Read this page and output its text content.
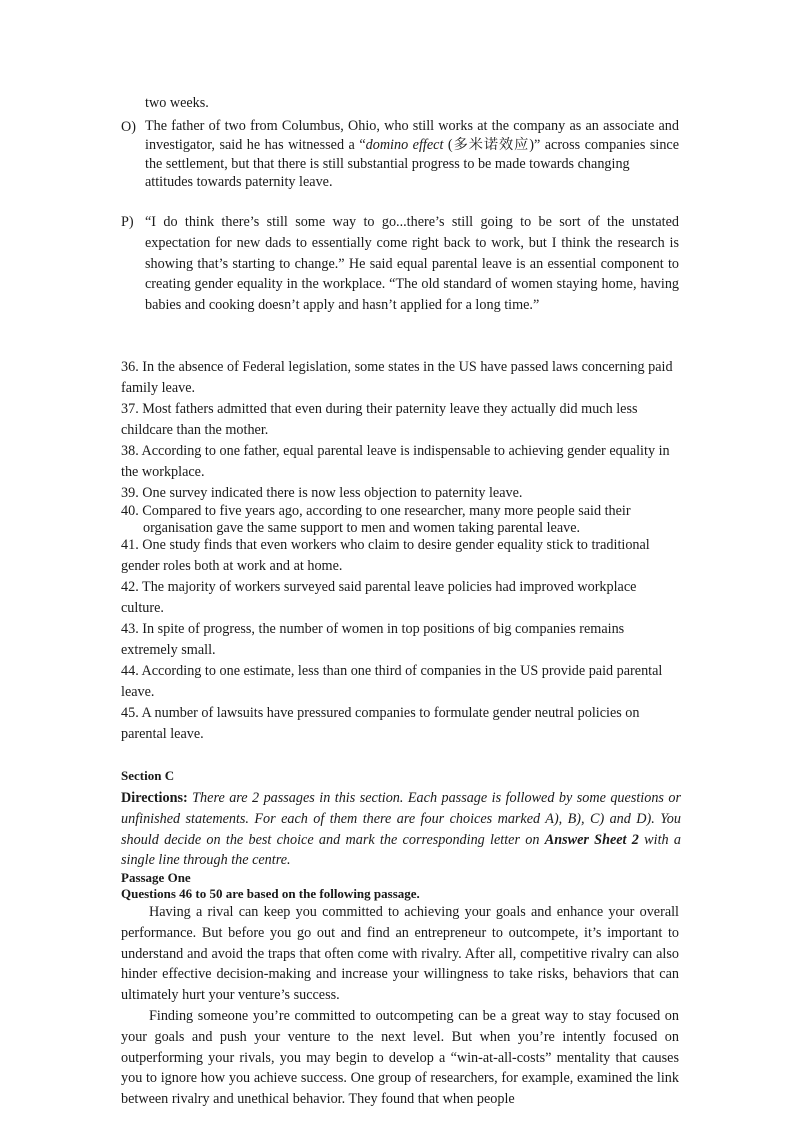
two weeks.

O) The father of two from Columbus, Ohio, who still works at the company as an associate and investigator, said he has witnessed a “domino effect (多米诺效应)” across companies since the settlement, but that there is still substantial progress to be made towards changing
attitudes towards paternity leave.
P) “I do think there’s still some way to go...there’s still going to be sort of the unstated expectation for new dads to essentially come right back to work, but I think the research is showing that’s starting to change.” He said equal parental leave is an essential component to creating gender equality in the workplace. “The old standard of women staying home, having babies and cooking doesn’t apply and hasn’t applied for a long time.”

36. In the absence of Federal legislation, some states in the US have passed laws concerning paid family leave.

37. Most fathers admitted that even during their paternity leave they actually did much less childcare than the mother.

38. According to one father, equal parental leave is indispensable to achieving gender equality in the workplace.

39. One survey indicated there is now less objection to paternity leave.

40. Compared to five years ago, according to one researcher, many more people said their
organisation gave the same support to men and women taking parental leave.

41. One study finds that even workers who claim to desire gender equality stick to traditional gender roles both at work and at home.

42. The majority of workers surveyed said parental leave policies had improved workplace culture.

43. In spite of progress, the number of women in top positions of big companies remains extremely small.

44. According to one estimate, less than one third of companies in the US provide paid parental leave.

45. A number of lawsuits have pressured companies to formulate gender neutral policies on parental leave.

Section C

Directions: There are 2 passages in this section. Each passage is followed by some questions or unfinished statements. For each of them there are four choices marked A), B), C) and D). You should decide on the best choice and mark the corresponding letter on Answer Sheet 2 with a single line through the centre.

Passage One

Questions 46 to 50 are based on the following passage.

Having a rival can keep you committed to achieving your goals and enhance your overall performance. But before you go out and find an entrepreneur to outcompete, it’s important to understand and avoid the traps that often come with rivalry. After all, competitive rivalry can also hinder effective decision-making and increase your willingness to take risks, behaviors that can ultimately hurt your venture’s success.

Finding someone you’re committed to outcompeting can be a great way to stay focused on your goals and push your venture to the next level. But when you’re intently focused on outperforming your rivals, you may begin to develop a “win-at-all-costs” mentality that causes you to ignore how you achieve success. One group of researchers, for example, examined the link between rivalry and unethical behavior. They found that when people
